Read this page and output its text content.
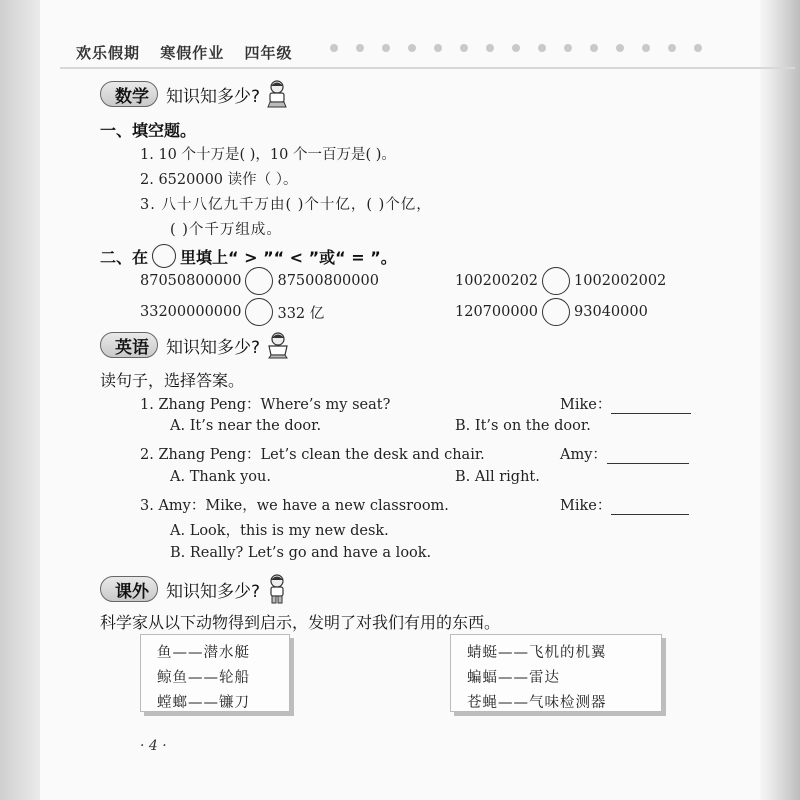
欢乐假期 寒假作业 四年级
数学	知识知多少?
一、填空题。
1. 10 个十万是( )，10 个一百万是( )。
2. 6520000 读作（ ）。
3. 八十八亿九千万由( )个十亿，( )个亿，
( )个千万组成。
二、在 里填上“ > ”“ < ”或“ = ”。
87050800000 87500800000	100200202 1002002002
33200000000 332 亿	120700000 93040000
英语	知识知多少?
读句子，选择答案。
1. Zhang Peng：Where’s my seat?	Mike：
A. It’s near the door.	B. It’s on the door.
2. Zhang Peng：Let’s clean the desk and chair.	Amy：
A. Thank you.	B. All right.
3. Amy：Mike，we have a new classroom.	Mike：
A. Look，this is my new desk.
B. Really? Let’s go and have a look.
课外	知识知多少?
科学家从以下动物得到启示，发明了对我们有用的东西。
鱼——潜水艇
鲸鱼——轮船
螳螂——镰刀
蜻蜓——飞机的机翼
蝙蝠——雷达
苍蝇——气味检测器
· 4 ·
